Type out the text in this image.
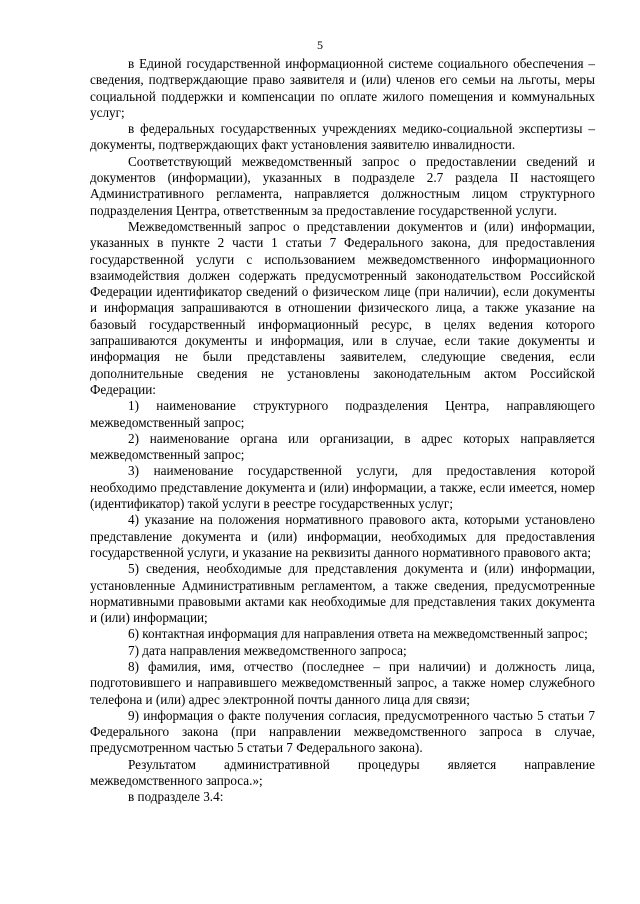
5

в Единой государственной информационной системе социального обеспечения – сведения, подтверждающие право заявителя и (или) членов его семьи на льготы, меры социальной поддержки и компенсации по оплате жилого помещения и коммунальных услуг;

в федеральных государственных учреждениях медико-социальной экспертизы – документы, подтверждающих факт установления заявителю инвалидности.

Соответствующий межведомственный запрос о предоставлении сведений и документов (информации), указанных в подразделе 2.7 раздела II настоящего Административного регламента, направляется должностным лицом структурного подразделения Центра, ответственным за предоставление государственной услуги.

Межведомственный запрос о представлении документов и (или) информации, указанных в пункте 2 части 1 статьи 7 Федерального закона, для предоставления государственной услуги с использованием межведомственного информационного взаимодействия должен содержать предусмотренный законодательством Российской Федерации идентификатор сведений о физическом лице (при наличии), если документы и информация запрашиваются в отношении физического лица, а также указание на базовый государственный информационный ресурс, в целях ведения которого запрашиваются документы и информация, или в случае, если такие документы и информация не были представлены заявителем, следующие сведения, если дополнительные сведения не установлены законодательным актом Российской Федерации:

1) наименование структурного подразделения Центра, направляющего межведомственный запрос;

2) наименование органа или организации, в адрес которых направляется межведомственный запрос;

3) наименование государственной услуги, для предоставления которой необходимо представление документа и (или) информации, а также, если имеется, номер (идентификатор) такой услуги в реестре государственных услуг;

4) указание на положения нормативного правового акта, которыми установлено представление документа и (или) информации, необходимых для предоставления государственной услуги, и указание на реквизиты данного нормативного правового акта;

5) сведения, необходимые для представления документа и (или) информации, установленные Административным регламентом, а также сведения, предусмотренные нормативными правовыми актами как необходимые для представления таких документа и (или) информации;

6) контактная информация для направления ответа на межведомственный запрос;

7) дата направления межведомственного запроса;

8) фамилия, имя, отчество (последнее – при наличии) и должность лица, подготовившего и направившего межведомственный запрос, а также номер служебного телефона и (или) адрес электронной почты данного лица для связи;

9) информация о факте получения согласия, предусмотренного частью 5 статьи 7 Федерального закона (при направлении межведомственного запроса в случае, предусмотренном частью 5 статьи 7 Федерального закона).

Результатом административной процедуры является направление межведомственного запроса.»;

в подразделе 3.4:
